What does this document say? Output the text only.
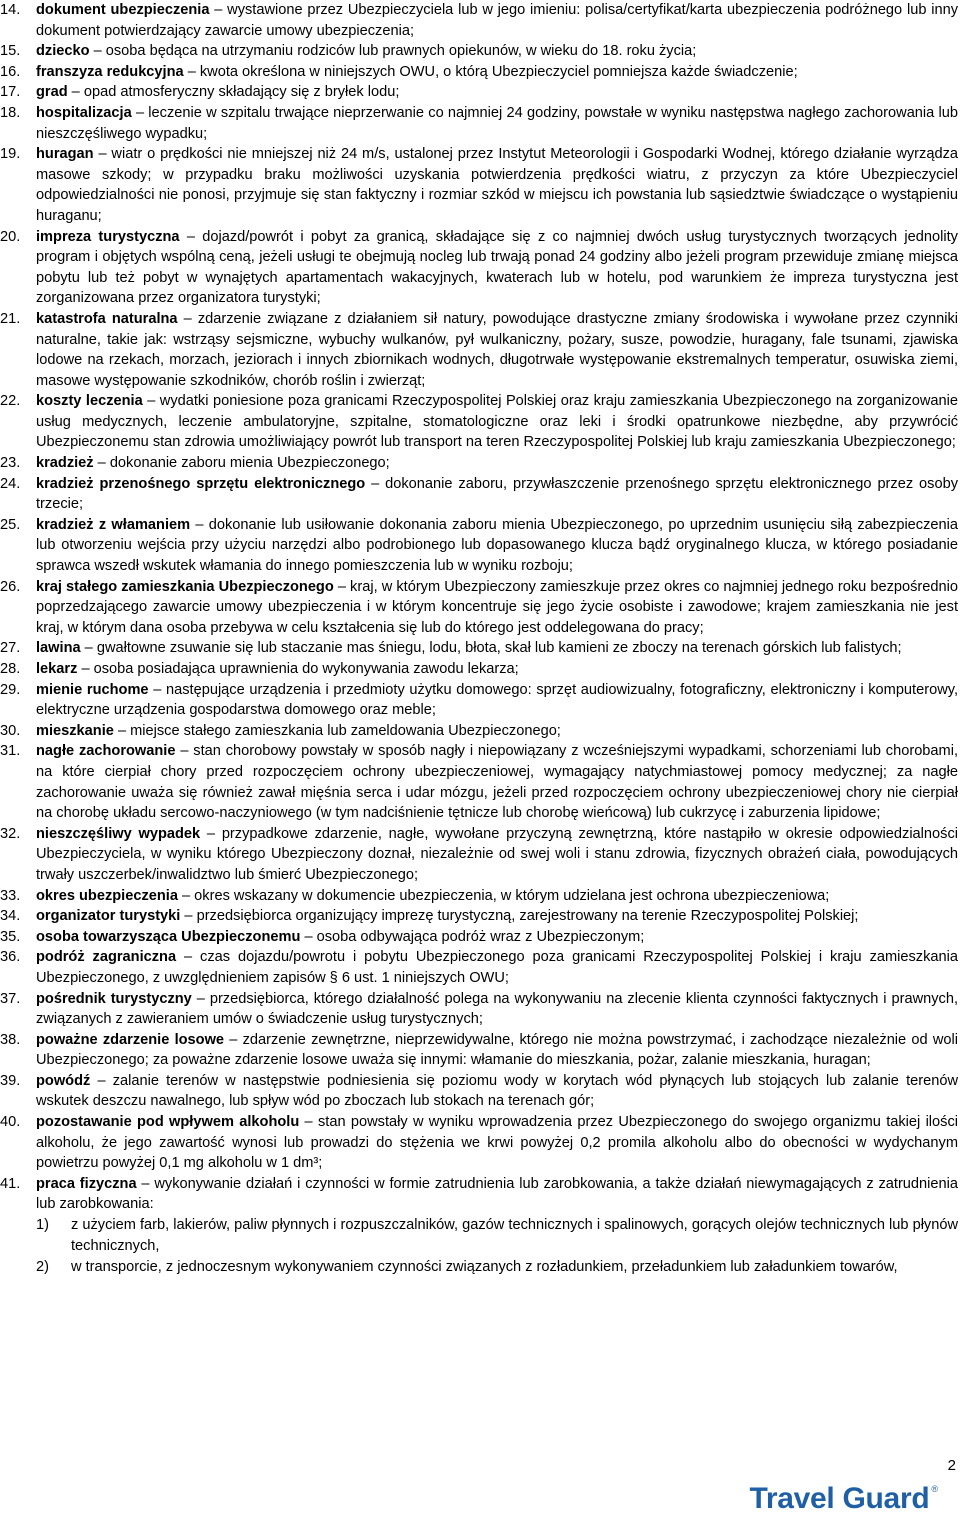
14.	dokument ubezpieczenia – wystawione przez Ubezpieczyciela lub w jego imieniu: polisa/certyfikat/karta ubezpieczenia podróżnego lub inny dokument potwierdzający zawarcie umowy ubezpieczenia;
15.	dziecko – osoba będąca na utrzymaniu rodziców lub prawnych opiekunów, w wieku do 18. roku życia;
16.	franszyza redukcyjna – kwota określona w niniejszych OWU, o którą Ubezpieczyciel pomniejsza każde świadczenie;
17.	grad – opad atmosferyczny składający się z bryłek lodu;
18.	hospitalizacja – leczenie w szpitalu trwające nieprzerwanie co najmniej 24 godziny, powstałe w wyniku następstwa nagłego zachorowania lub nieszczęśliwego wypadku;
19.	huragan – wiatr o prędkości nie mniejszej niż 24 m/s, ustalonej przez Instytut Meteorologii i Gospodarki Wodnej, którego działanie wyrządza masowe szkody; w przypadku braku możliwości uzyskania potwierdzenia prędkości wiatru, z przyczyn za które Ubezpieczyciel odpowiedzialności nie ponosi, przyjmuje się stan faktyczny i rozmiar szkód w miejscu ich powstania lub sąsiedztwie świadczące o wystąpieniu huraganu;
20.	impreza turystyczna – dojazd/powrót i pobyt za granicą, składające się z co najmniej dwóch usług turystycznych tworzących jednolity program i objętych wspólną ceną, jeżeli usługi te obejmują nocleg lub trwają ponad 24 godziny albo jeżeli program przewiduje zmianę miejsca pobytu lub też pobyt w wynajętych apartamentach wakacyjnych, kwaterach lub w hotelu, pod warunkiem że impreza turystyczna jest zorganizowana przez organizatora turystyki;
21.	katastrofa naturalna – zdarzenie związane z działaniem sił natury, powodujące drastyczne zmiany środowiska i wywołane przez czynniki naturalne, takie jak: wstrząsy sejsmiczne, wybuchy wulkanów, pył wulkaniczny, pożary, susze, powodzie, huragany, fale tsunami, zjawiska lodowe na rzekach, morzach, jeziorach i innych zbiornikach wodnych, długotrwałe występowanie ekstremalnych temperatur, osuwiska ziemi, masowe występowanie szkodników, chorób roślin i zwierząt;
22.	koszty leczenia – wydatki poniesione poza granicami Rzeczypospolitej Polskiej oraz kraju zamieszkania Ubezpieczonego na zorganizowanie usług medycznych, leczenie ambulatoryjne, szpitalne, stomatologiczne oraz leki i środki opatrunkowe niezbędne, aby przywrócić Ubezpieczonemu stan zdrowia umożliwiający powrót lub transport na teren Rzeczypospolitej Polskiej lub kraju zamieszkania Ubezpieczonego;
23.	kradzież – dokonanie zaboru mienia Ubezpieczonego;
24.	kradzież przenośnego sprzętu elektronicznego – dokonanie zaboru, przywłaszczenie przenośnego sprzętu elektronicznego przez osoby trzecie;
25.	kradzież z włamaniem – dokonanie lub usiłowanie dokonania zaboru mienia Ubezpieczonego, po uprzednim usunięciu siłą zabezpieczenia lub otworzeniu wejścia przy użyciu narzędzi albo podrobionego lub dopasowanego klucza bądź oryginalnego klucza, w którego posiadanie sprawca wszedł wskutek włamania do innego pomieszczenia lub w wyniku rozboju;
26.	kraj stałego zamieszkania Ubezpieczonego – kraj, w którym Ubezpieczony zamieszkuje przez okres co najmniej jednego roku bezpośrednio poprzedzającego zawarcie umowy ubezpieczenia i w którym koncentruje się jego życie osobiste i zawodowe; krajem zamieszkania nie jest kraj, w którym dana osoba przebywa w celu kształcenia się lub do którego jest oddelegowana do pracy;
27.	lawina – gwałtowne zsuwanie się lub staczanie mas śniegu, lodu, błota, skał lub kamieni ze zboczy na terenach górskich lub falistych;
28.	lekarz – osoba posiadająca uprawnienia do wykonywania zawodu lekarza;
29.	mienie ruchome – następujące urządzenia i przedmioty użytku domowego: sprzęt audiowizualny, fotograficzny, elektroniczny i komputerowy, elektryczne urządzenia gospodarstwa domowego oraz meble;
30.	mieszkanie – miejsce stałego zamieszkania lub zameldowania Ubezpieczonego;
31.	nagłe zachorowanie – stan chorobowy powstały w sposób nagły i niepowiązany z wcześniejszymi wypadkami, schorzeniami lub chorobami, na które cierpiał chory przed rozpoczęciem ochrony ubezpieczeniowej, wymagający natychmiastowej pomocy medycznej; za nagłe zachorowanie uważa się również zawał mięśnia serca i udar mózgu, jeżeli przed rozpoczęciem ochrony ubezpieczeniowej chory nie cierpiał na chorobę układu sercowo-naczyniowego (w tym nadciśnienie tętnicze lub chorobę wieńcową) lub cukrzycę i zaburzenia lipidowe;
32.	nieszczęśliwy wypadek – przypadkowe zdarzenie, nagłe, wywołane przyczyną zewnętrzną, które nastąpiło w okresie odpowiedzialności Ubezpieczyciela, w wyniku którego Ubezpieczony doznał, niezależnie od swej woli i stanu zdrowia, fizycznych obrażeń ciała, powodujących trwały uszczerbek/inwalidztwo lub śmierć Ubezpieczonego;
33.	okres ubezpieczenia – okres wskazany w dokumencie ubezpieczenia, w którym udzielana jest ochrona ubezpieczeniowa;
34.	organizator turystyki – przedsiębiorca organizujący imprezę turystyczną, zarejestrowany na terenie Rzeczypospolitej Polskiej;
35.	osoba towarzysząca Ubezpieczonemu – osoba odbywająca podróż wraz z Ubezpieczonym;
36.	podróż zagraniczna – czas dojazdu/powrotu i pobytu Ubezpieczonego poza granicami Rzeczypospolitej Polskiej i kraju zamieszkania Ubezpieczonego, z uwzględnieniem zapisów § 6 ust. 1 niniejszych OWU;
37.	pośrednik turystyczny – przedsiębiorca, którego działalność polega na wykonywaniu na zlecenie klienta czynności faktycznych i prawnych, związanych z zawieraniem umów o świadczenie usług turystycznych;
38.	poważne zdarzenie losowe – zdarzenie zewnętrzne, nieprzewidywalne, którego nie można powstrzymać, i zachodzące niezależnie od woli Ubezpieczonego; za poważne zdarzenie losowe uważa się innymi: włamanie do mieszkania, pożar, zalanie mieszkania, huragan;
39.	powódź – zalanie terenów w następstwie podniesienia się poziomu wody w korytach wód płynących lub stojących lub zalanie terenów wskutek deszczu nawalnego, lub spływ wód po zboczach lub stokach na terenach gór;
40.	pozostawanie pod wpływem alkoholu – stan powstały w wyniku wprowadzenia przez Ubezpieczonego do swojego organizmu takiej ilości alkoholu, że jego zawartość wynosi lub prowadzi do stężenia we krwi powyżej 0,2 promila alkoholu albo do obecności w wydychanym powietrzu powyżej 0,1 mg alkoholu w 1 dm³;
41.	praca fizyczna – wykonywanie działań i czynności w formie zatrudnienia lub zarobkowania, a także działań niewymagających z zatrudnienia lub zarobkowania:
1)	z użyciem farb, lakierów, paliw płynnych i rozpuszczalników, gazów technicznych i spalinowych, gorących olejów technicznych lub płynów technicznych,
2)	w transporcie, z jednoczesnym wykonywaniem czynności związanych z rozładunkiem, przeładunkiem lub załadunkiem towarów,
2
Travel Guard ®
